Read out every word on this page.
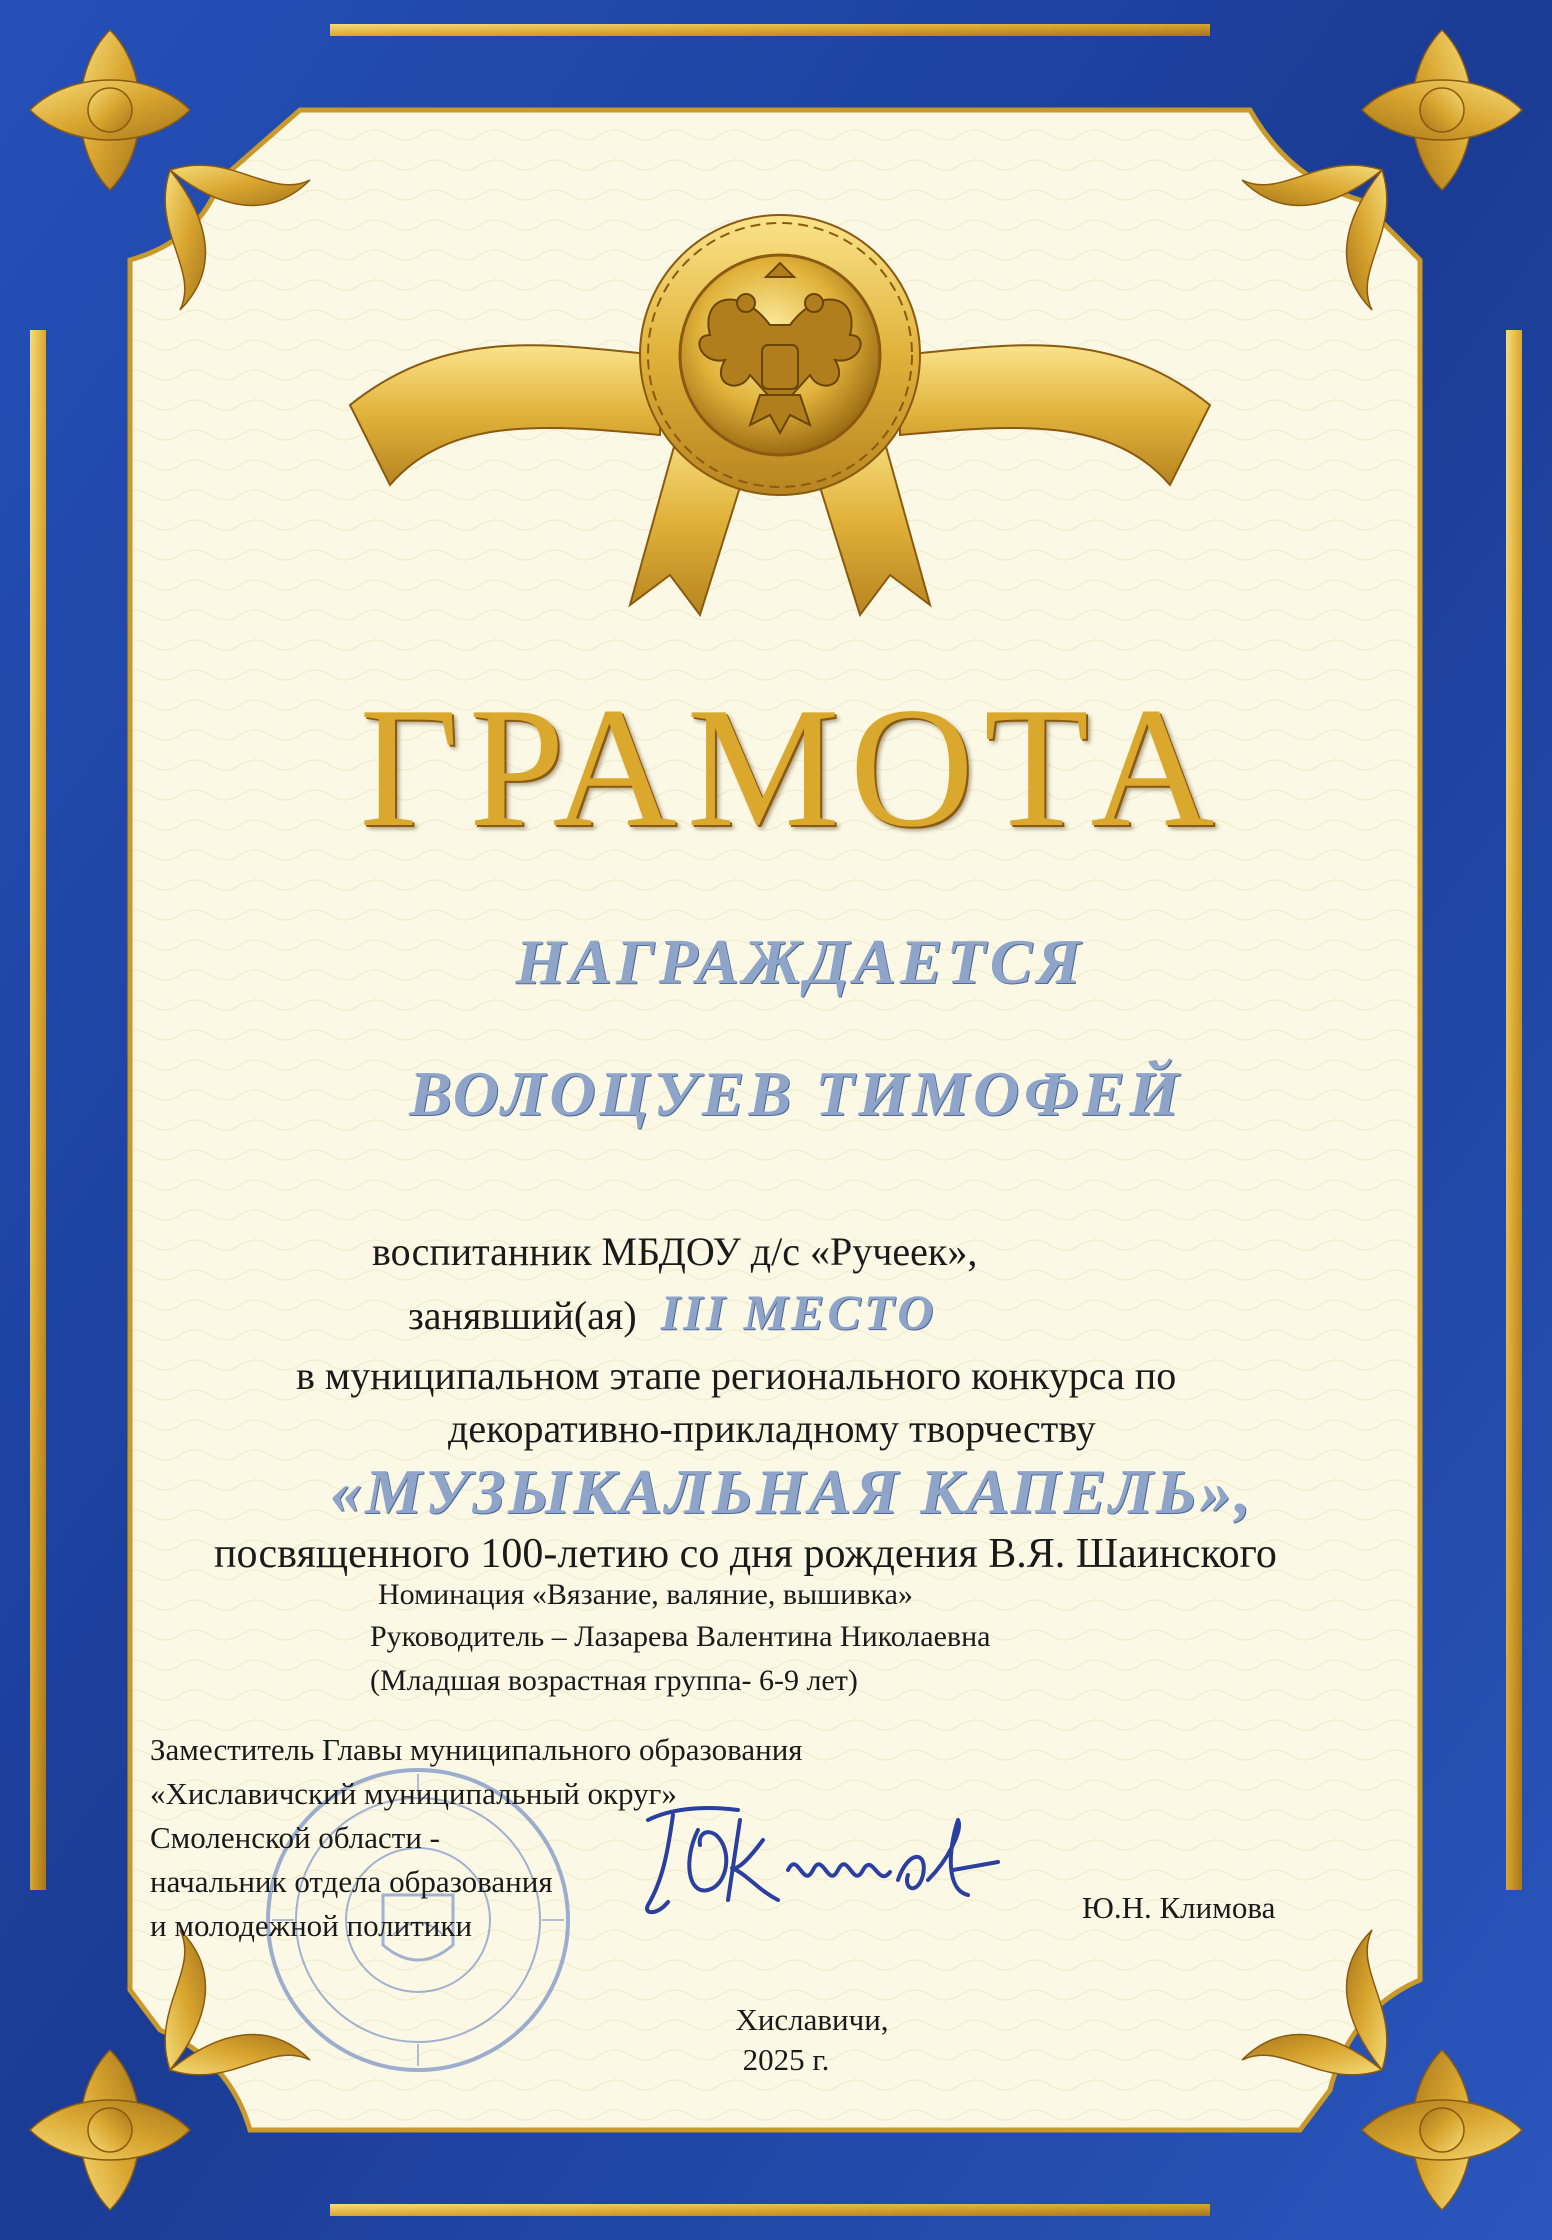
ГРАМОТА
НАГРАЖДАЕТСЯ
ВОЛОЦУЕВ ТИМОФЕЙ
воспитанник МБДОУ д/с «Ручеек»,
занявший(ая) III МЕСТО
в муниципальном этапе регионального конкурса по
декоративно-прикладному творчеству
«МУЗЫКАЛЬНАЯ КАПЕЛЬ»,
посвященного 100-летию со дня рождения В.Я. Шаинского
Номинация «Вязание, валяние, вышивка»
Руководитель – Лазарева Валентина Николаевна
(Младшая возрастная группа- 6-9 лет)
Заместитель Главы муниципального образования
«Хиславичский муниципальный округ»
Смоленской области -
начальник отдела образования
и молодежной политики
Ю.Н. Климова
Хиславичи,
2025 г.
